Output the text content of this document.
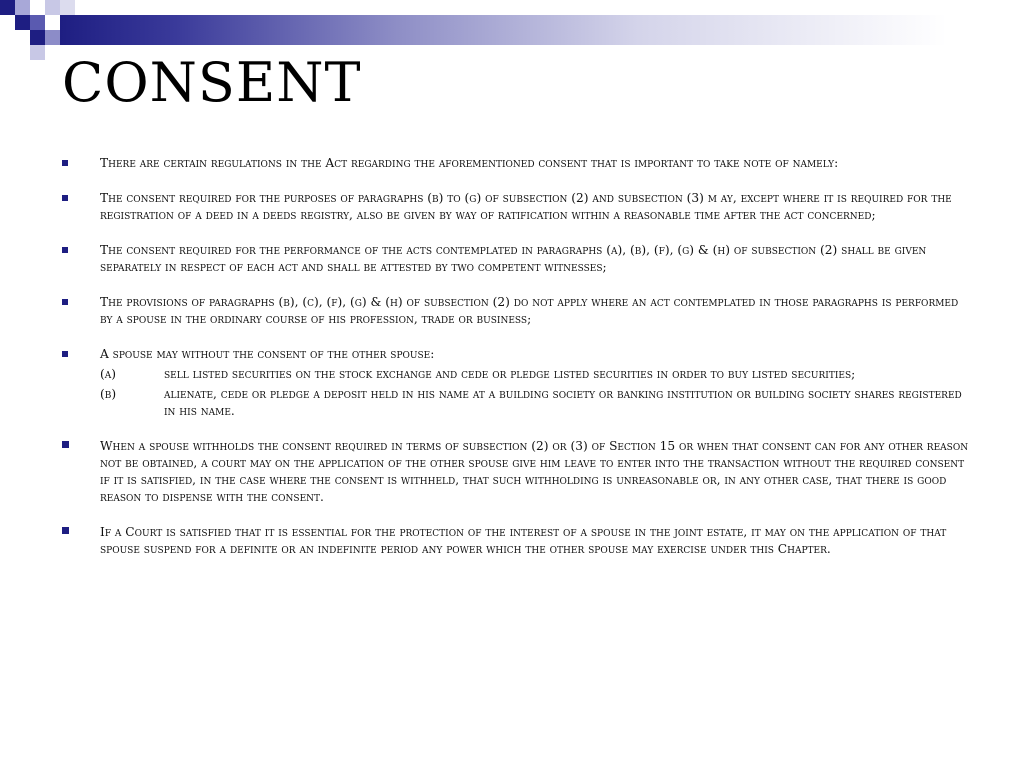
CONSENT
There are certain regulations in the Act regarding the aforementioned consent that is important to take note of namely:
The consent required for the purposes of paragraphs (b) to (g) of subsection (2) and subsection (3) m ay, except where it is required for the registration of a deed in a deeds registry, also be given by way of ratification within a reasonable time after the act concerned;
The consent required for the performance of the acts contemplated in paragraphs (a), (b), (f), (g) & (h) of subsection (2) shall be given separately in respect of each act and shall be attested by two competent witnesses;
The provisions of paragraphs (b), (c), (f), (g) & (h) of subsection (2) do not apply where an act contemplated in those paragraphs is performed by a spouse in the ordinary course of his profession, trade or business;
A spouse may without the consent of the other spouse:
(a)	sell listed securities on the stock exchange and cede or pledge listed securities in order to buy listed securities;
(b)	alienate, cede or pledge a deposit held in his name at a building society or banking institution or building society shares registered in his name.
When a spouse withholds the consent required in terms of subsection (2) or (3) of Section 15 or when that consent can for any other reason not be obtained, a court may on the application of the other spouse give him leave to enter into the transaction without the required consent if it is satisfied, in the case where the consent is withheld, that such withholding is unreasonable or, in any other case, that there is good reason to dispense with the consent.
If a Court is satisfied that it is essential for the protection of the interest of a spouse in the joint estate, it may on the application of that spouse suspend for a definite or an indefinite period any power which the other spouse may exercise under this Chapter.
